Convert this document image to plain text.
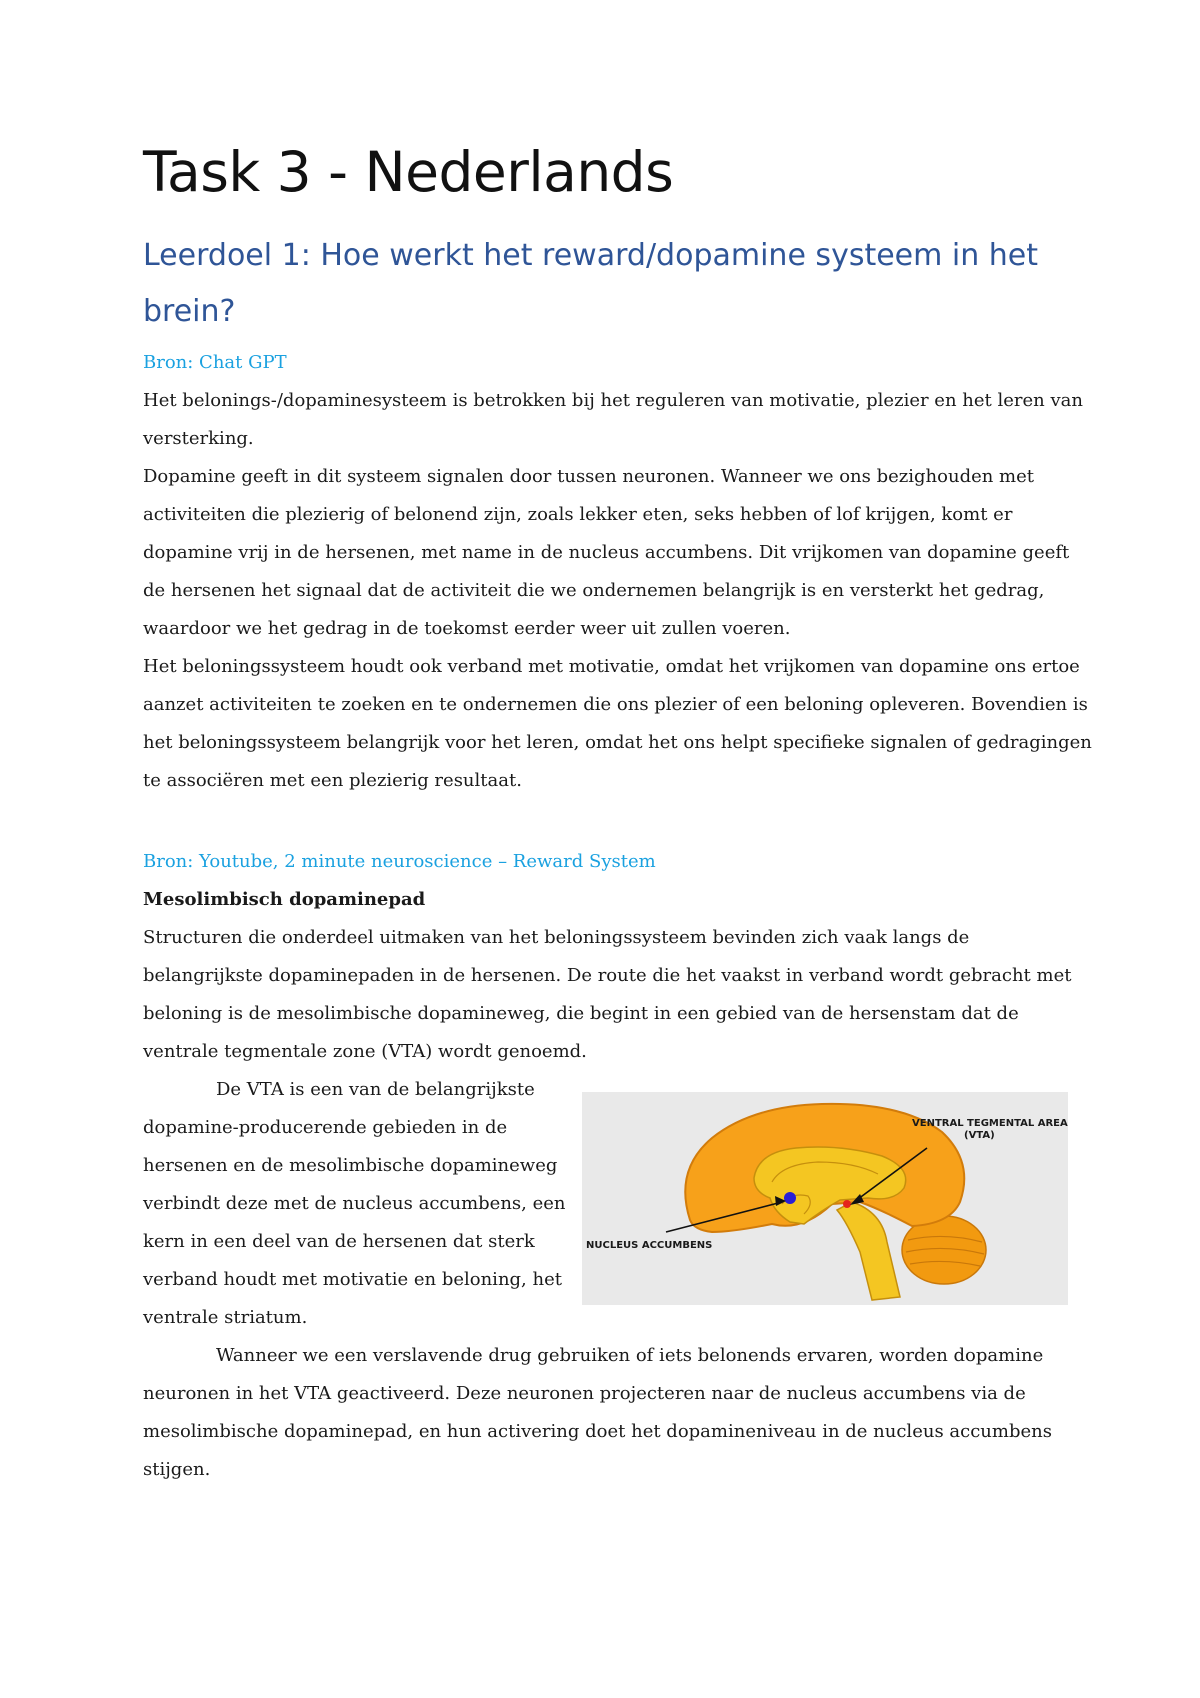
Task 3 - Nederlands
Leerdoel 1: Hoe werkt het reward/dopamine systeem in het brein?

Bron: Chat GPT

Het belonings-/dopaminesysteem is betrokken bij het reguleren van motivatie, plezier en het leren van

versterking.

Dopamine geeft in dit systeem signalen door tussen neuronen. Wanneer we ons bezighouden met

activiteiten die plezierig of belonend zijn, zoals lekker eten, seks hebben of lof krijgen, komt er

dopamine vrij in de hersenen, met name in de nucleus accumbens. Dit vrijkomen van dopamine geeft

de hersenen het signaal dat de activiteit die we ondernemen belangrijk is en versterkt het gedrag,

waardoor we het gedrag in de toekomst eerder weer uit zullen voeren.

Het beloningssysteem houdt ook verband met motivatie, omdat het vrijkomen van dopamine ons ertoe

aanzet activiteiten te zoeken en te ondernemen die ons plezier of een beloning opleveren. Bovendien is

het beloningssysteem belangrijk voor het leren, omdat het ons helpt specifieke signalen of gedragingen

te associëren met een plezierig resultaat.

Bron: Youtube, 2 minute neuroscience – Reward System

Mesolimbisch dopaminepad

Structuren die onderdeel uitmaken van het beloningssysteem bevinden zich vaak langs de

belangrijkste dopaminepaden in de hersenen. De route die het vaakst in verband wordt gebracht met

beloning is de mesolimbische dopamineweg, die begint in een gebied van de hersenstam dat de

ventrale tegmentale zone (VTA) wordt genoemd.

De VTA is een van de belangrijkste

dopamine-producerende gebieden in de

hersenen en de mesolimbische dopamineweg

verbindt deze met de nucleus accumbens, een

kern in een deel van de hersenen dat sterk

verband houdt met motivatie en beloning, het

ventrale striatum.

Wanneer we een verslavende drug gebruiken of iets belonends ervaren, worden dopamine

neuronen in het VTA geactiveerd. Deze neuronen projecteren naar de nucleus accumbens via de

mesolimbische dopaminepad, en hun activering doet het dopamineniveau in de nucleus accumbens

stijgen.

VENTRAL TEGMENTAL AREA
(VTA)
NUCLEUS ACCUMBENS
